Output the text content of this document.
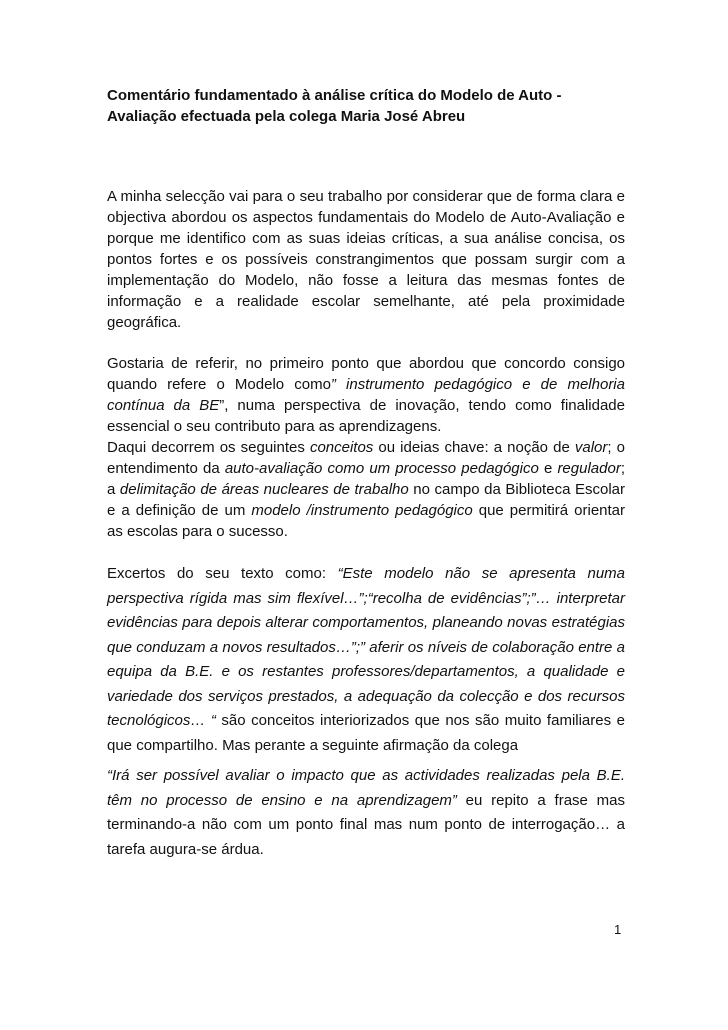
Comentário fundamentado à análise crítica do Modelo de Auto -Avaliação efectuada pela colega Maria José Abreu

A minha selecção vai para o seu trabalho por considerar que de forma clara e objectiva abordou os aspectos fundamentais do Modelo de Auto-Avaliação e porque me identifico com as suas ideias críticas, a sua análise concisa, os pontos fortes e os possíveis constrangimentos que possam surgir com a implementação do Modelo, não fosse a leitura das mesmas fontes de informação e a realidade escolar semelhante, até pela proximidade geográfica.

Gostaria de referir, no primeiro ponto que abordou que concordo consigo quando refere o Modelo como” instrumento pedagógico e de melhoria contínua da BE”, numa perspectiva de inovação, tendo como finalidade essencial o seu contributo para as aprendizagens.

Daqui decorrem os seguintes conceitos ou ideias chave: a noção de valor; o entendimento da auto-avaliação como um processo pedagógico e regulador; a delimitação de áreas nucleares de trabalho no campo da Biblioteca Escolar e a definição de um modelo /instrumento pedagógico que permitirá orientar as escolas para o sucesso.

Excertos do seu texto como: “Este modelo não se apresenta numa perspectiva rígida mas sim flexível…”;“recolha de evidências”;”… interpretar evidências para depois alterar comportamentos, planeando novas estratégias que conduzam a novos resultados…”;” aferir os níveis de colaboração entre a equipa da B.E. e os restantes professores/departamentos, a qualidade e variedade dos serviços prestados, a adequação da colecção e dos recursos tecnológicos… “ são conceitos interiorizados que nos são muito familiares e que compartilho. Mas perante a seguinte afirmação da colega

“Irá ser possível avaliar o impacto que as actividades realizadas pela B.E. têm no processo de ensino e na aprendizagem” eu repito a frase mas terminando-a não com um ponto final mas num ponto de interrogação… a tarefa augura-se árdua.

1
